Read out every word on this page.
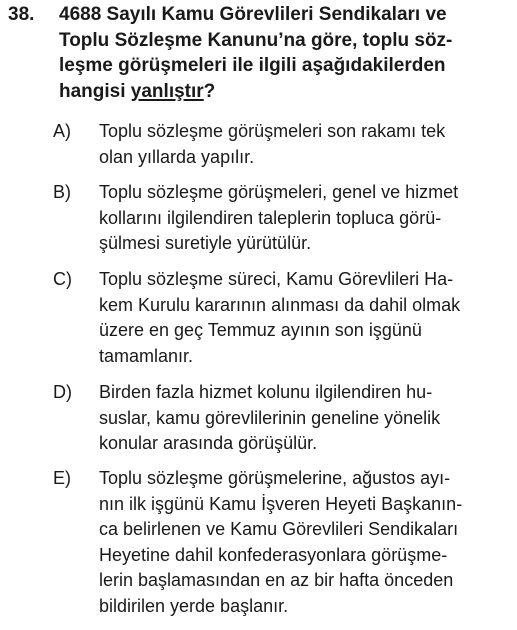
38. 4688 Sayılı Kamu Görevlileri Sendikaları ve
Toplu Sözleşme Kanunu’na göre, toplu söz-
leşme görüşmeleri ile ilgili aşağıdakilerden
hangisi yanlıştır?
A) Toplu sözleşme görüşmeleri son rakamı tek
olan yıllarda yapılır.
B) Toplu sözleşme görüşmeleri, genel ve hizmet
kollarını ilgilendiren taleplerin topluca görü-
şülmesi suretiyle yürütülür.
C) Toplu sözleşme süreci, Kamu Görevlileri Ha-
kem Kurulu kararının alınması da dahil olmak
üzere en geç Temmuz ayının son işgünü
tamamlanır.
D) Birden fazla hizmet kolunu ilgilendiren hu-
suslar, kamu görevlilerinin geneline yönelik
konular arasında görüşülür.
E) Toplu sözleşme görüşmelerine, ağustos ayı-
nın ilk işgünü Kamu İşveren Heyeti Başkanın-
ca belirlenen ve Kamu Görevlileri Sendikaları
Heyetine dahil konfederasyonlara görüşme-
lerin başlamasından en az bir hafta önceden
bildirilen yerde başlanır.
